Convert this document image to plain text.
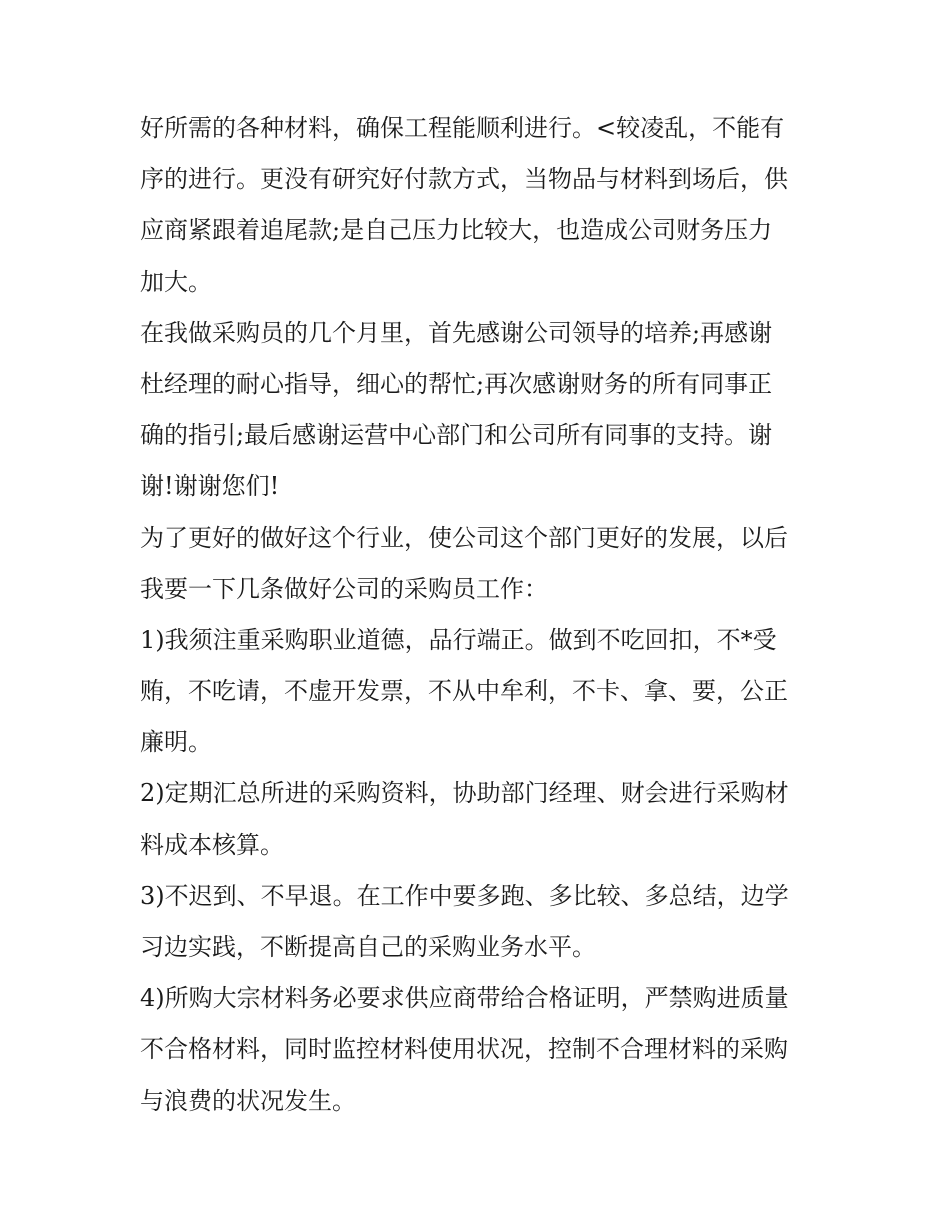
好所需的各种材料，确保工程能顺利进行。<较凌乱，不能有
序的进行。更没有研究好付款方式，当物品与材料到场后，供
应商紧跟着追尾款;是自己压力比较大，也造成公司财务压力
加大。
在我做采购员的几个月里，首先感谢公司领导的培养;再感谢
杜经理的耐心指导，细心的帮忙;再次感谢财务的所有同事正
确的指引;最后感谢运营中心部门和公司所有同事的支持。谢
谢!谢谢您们!
为了更好的做好这个行业，使公司这个部门更好的发展，以后
我要一下几条做好公司的采购员工作：
1)我须注重采购职业道德，品行端正。做到不吃回扣，不*受
贿，不吃请，不虚开发票，不从中牟利，不卡、拿、要，公正
廉明。
2)定期汇总所进的采购资料，协助部门经理、财会进行采购材
料成本核算。
3)不迟到、不早退。在工作中要多跑、多比较、多总结，边学
习边实践，不断提高自己的采购业务水平。
4)所购大宗材料务必要求供应商带给合格证明，严禁购进质量
不合格材料，同时监控材料使用状况，控制不合理材料的采购
与浪费的状况发生。
